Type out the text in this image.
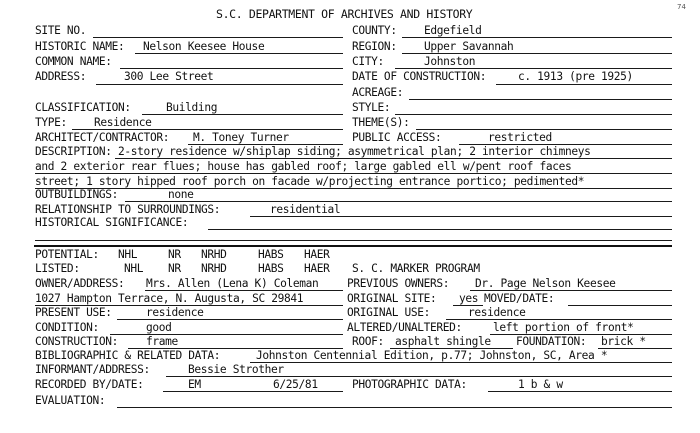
74
S.C. DEPARTMENT OF ARCHIVES AND HISTORY
SITE NO.	COUNTY: Edgefield
HISTORIC NAME: Nelson Keesee House	REGION: Upper Savannah
COMMON NAME:	CITY:	Johnston
ADDRESS:	300 Lee Street	DATE OF CONSTRUCTION:	c. 1913 (pre 1925)
ACREAGE:
CLASSIFICATION:	Building	STYLE:
TYPE: Residence	THEME(S):
ARCHITECT/CONTRACTOR: M. Toney Turner	PUBLIC ACCESS:	restricted
DESCRIPTION: 2-story residence w/shiplap siding; asymmetrical plan; 2 interior chimneys
and 2 exterior rear flues; house has gabled roof; large gabled ell w/pent roof faces
street; 1 story hipped roof porch on facade w/projecting entrance portico; pedimented*
OUTBUILDINGS:	none
RELATIONSHIP TO SURROUNDINGS:	residential
HISTORICAL SIGNIFICANCE:
POTENTIAL: NHL	NR NRHD	HABS HAER
LISTED:	NHL NR NRHD	HABS HAER S. C. MARKER PROGRAM
OWNER/ADDRESS: Mrs. Allen (Lena K) Coleman	PREVIOUS OWNERS: Dr. Page Nelson Keesee
1027 Hampton Terrace, N. Augusta, SC 29841	ORIGINAL SITE: yes MOVED/DATE:
PRESENT USE:	residence	ORIGINAL USE:	residence
CONDITION:	good	ALTERED/UNALTERED:	left portion of front*
CONSTRUCTION: frame	ROOF: asphalt shingle FOUNDATION: brick *
BIBLIOGRAPHIC & RELATED DATA:	Johnston Centennial Edition, p.77; Johnston, SC, Area *
INFORMANT/ADDRESS:	Bessie Strother
RECORDED BY/DATE:	EM	6/25/81	PHOTOGRAPHIC DATA:	1 b & w
EVALUATION:
